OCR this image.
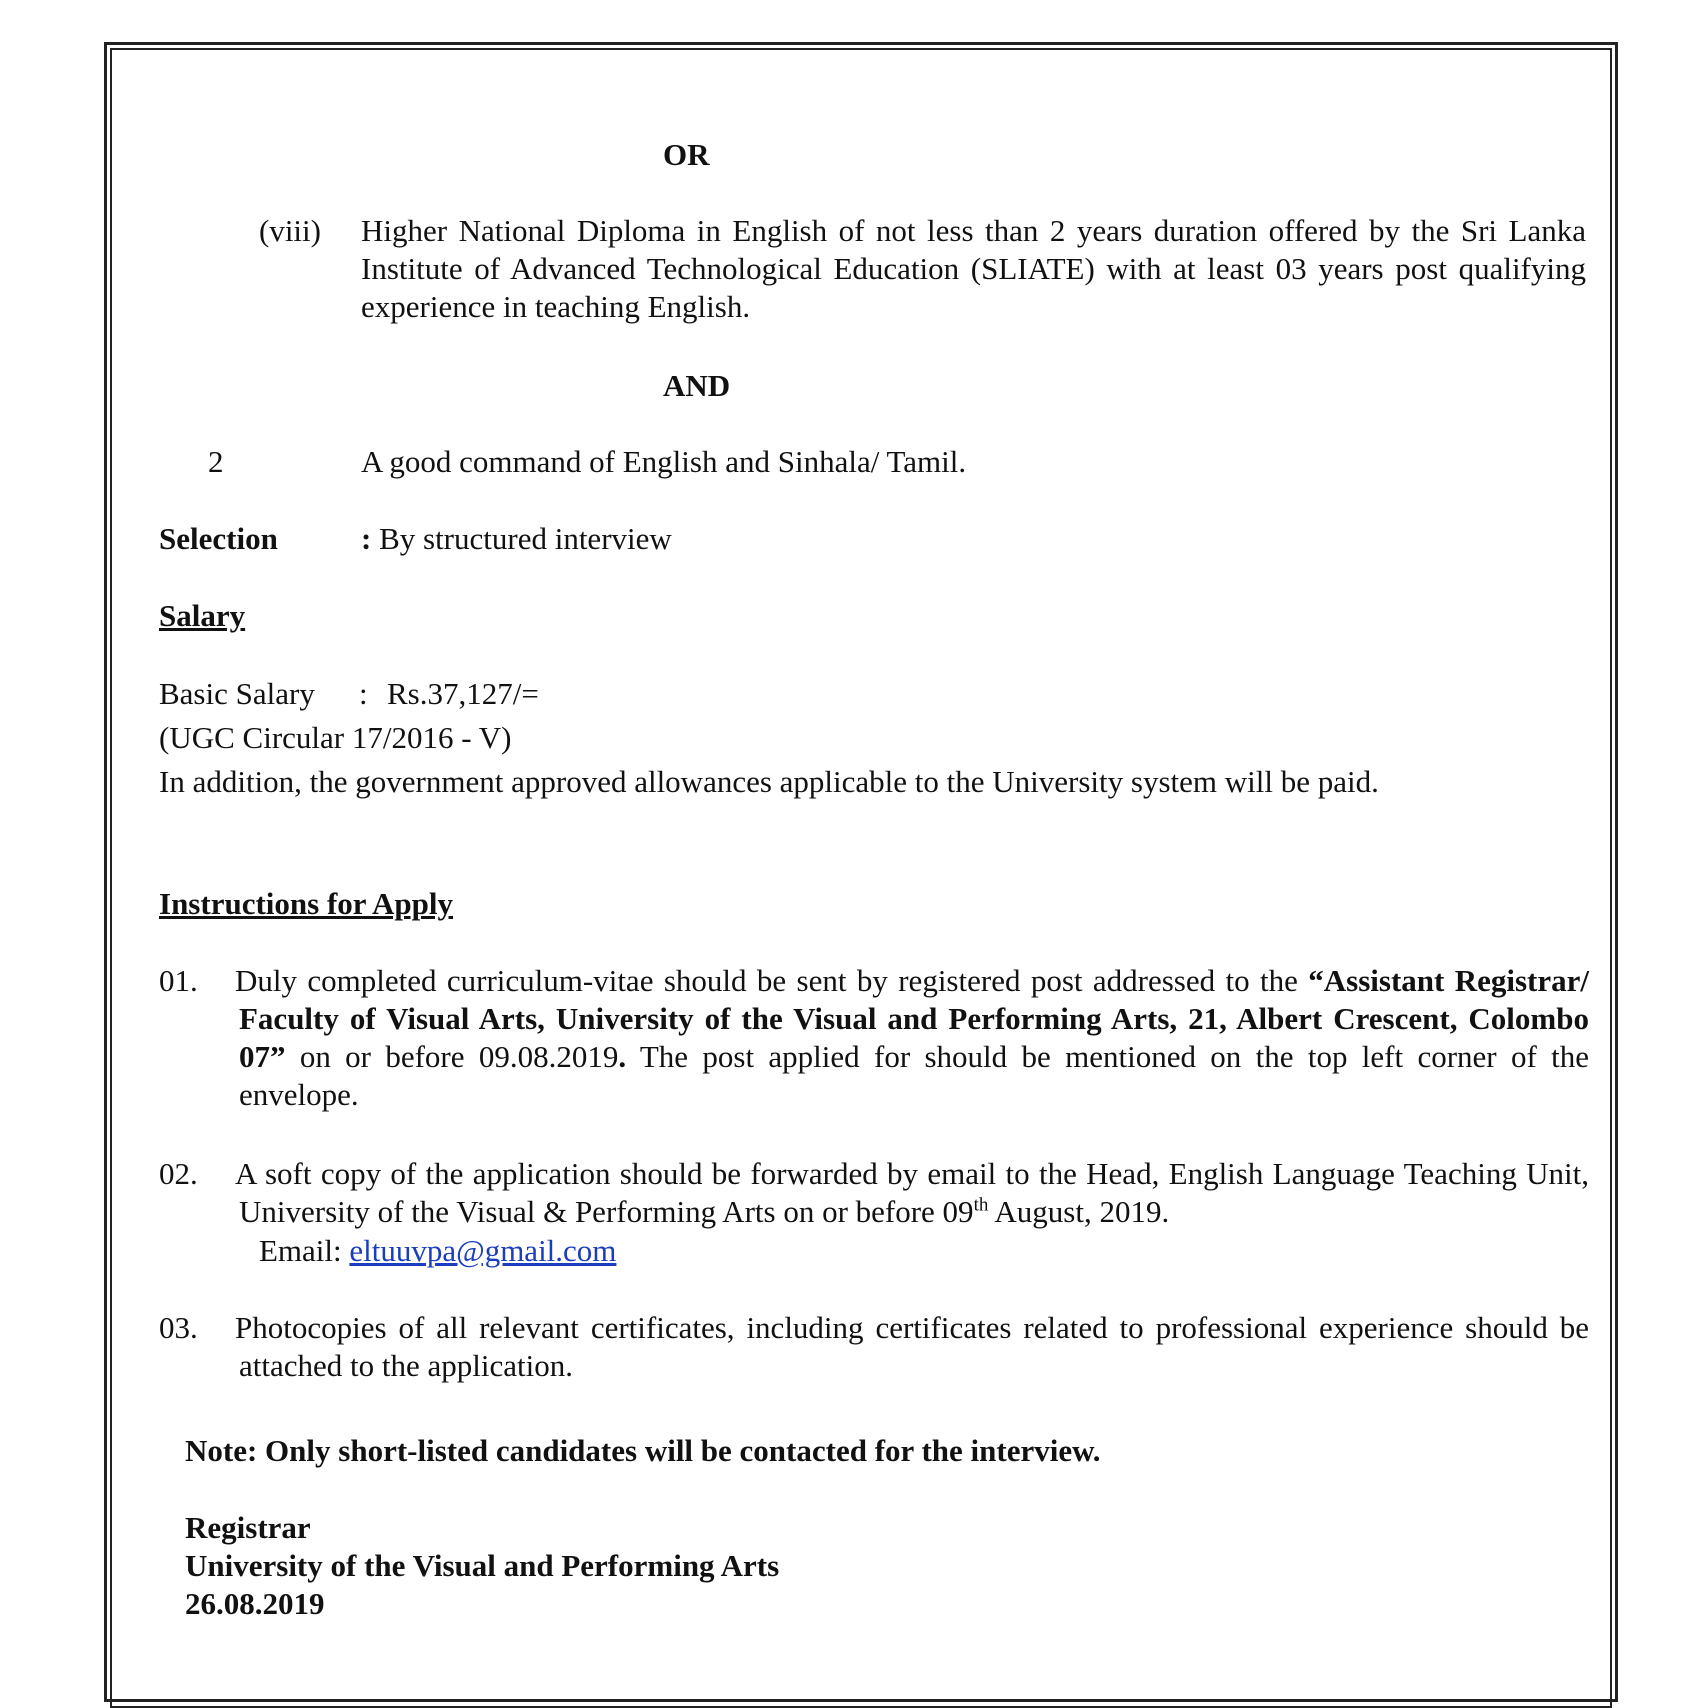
OR
(viii) Higher National Diploma in English of not less than 2 years duration offered by the Sri Lanka Institute of Advanced Technological Education (SLIATE) with at least 03 years post qualifying experience in teaching English.
AND
2	A good command of English and Sinhala/ Tamil.
Selection	: By structured interview
Salary
Basic Salary : Rs.37,127/=
(UGC Circular 17/2016 - V)
In addition, the government approved allowances applicable to the University system will be paid.
Instructions for Apply
01. Duly completed curriculum-vitae should be sent by registered post addressed to the “Assistant Registrar/ Faculty of Visual Arts, University of the Visual and Performing Arts, 21, Albert Crescent, Colombo 07” on or before 09.08.2019. The post applied for should be mentioned on the top left corner of the envelope.
02. A soft copy of the application should be forwarded by email to the Head, English Language Teaching Unit, University of the Visual & Performing Arts on or before 09th August, 2019.
Email: eltuuvpa@gmail.com
03. Photocopies of all relevant certificates, including certificates related to professional experience should be attached to the application.
Note: Only short-listed candidates will be contacted for the interview.
Registrar
University of the Visual and Performing Arts
26.08.2019
